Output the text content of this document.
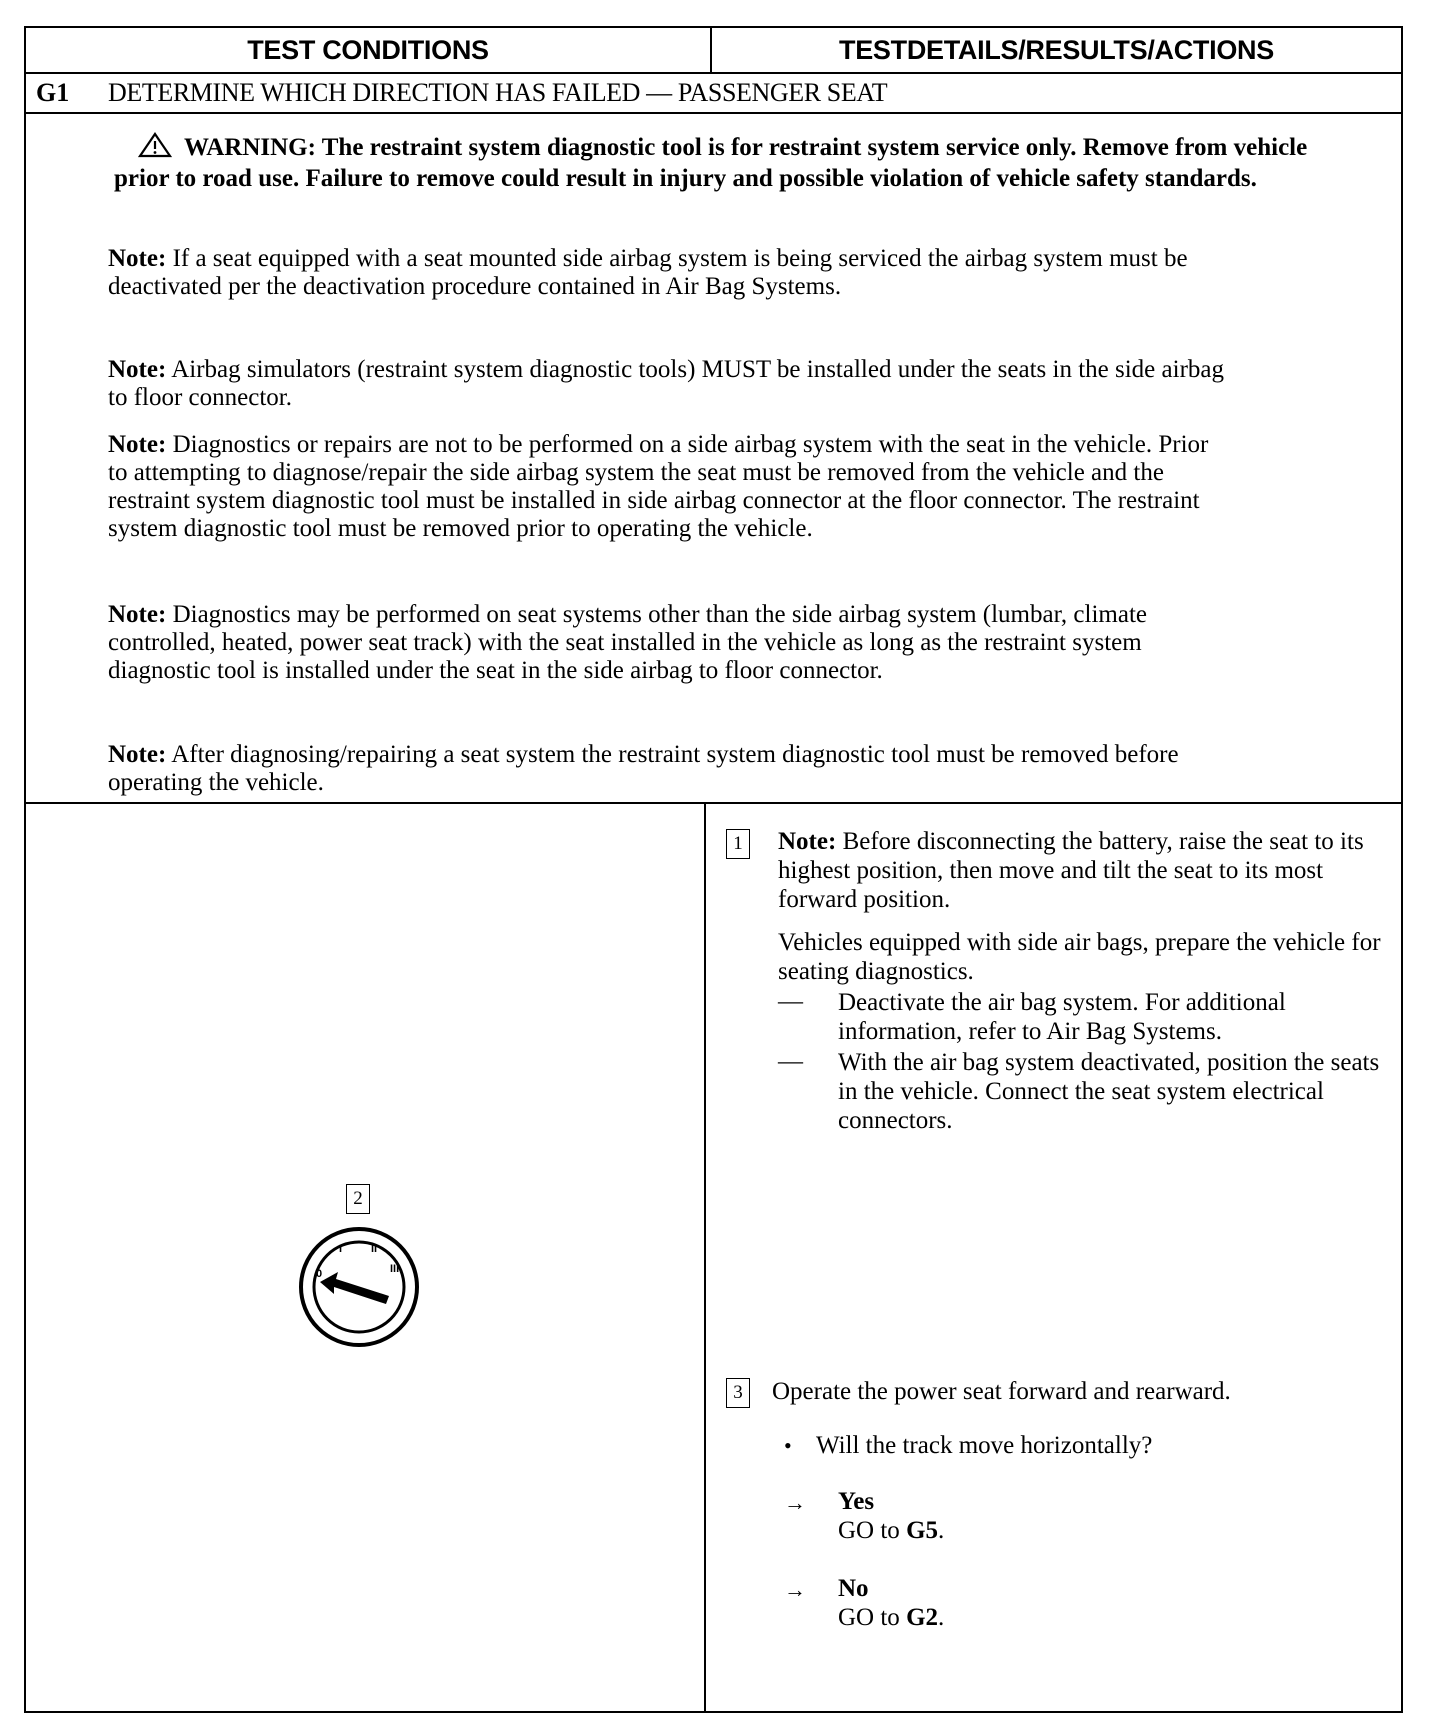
TEST CONDITIONS	TESTDETAILS/RESULTS/ACTIONS
G1 DETERMINE WHICH DIRECTION HAS FAILED — PASSENGER SEAT
WARNING: The restraint system diagnostic tool is for restraint system service only. Remove from vehicle prior to road use. Failure to remove could result in injury and possible violation of vehicle safety standards.
Note: If a seat equipped with a seat mounted side airbag system is being serviced the airbag system must be deactivated per the deactivation procedure contained in Air Bag Systems.
Note: Airbag simulators (restraint system diagnostic tools) MUST be installed under the seats in the side airbag to floor connector.
Note: Diagnostics or repairs are not to be performed on a side airbag system with the seat in the vehicle. Prior to attempting to diagnose/repair the side airbag system the seat must be removed from the vehicle and the restraint system diagnostic tool must be installed in side airbag connector at the floor connector. The restraint system diagnostic tool must be removed prior to operating the vehicle.
Note: Diagnostics may be performed on seat systems other than the side airbag system (lumbar, climate controlled, heated, power seat track) with the seat installed in the vehicle as long as the restraint system diagnostic tool is installed under the seat in the side airbag to floor connector.
Note: After diagnosing/repairing a seat system the restraint system diagnostic tool must be removed before operating the vehicle.
2
0
I	II
III
1 Note: Before disconnecting the battery, raise the seat to its highest position, then move and tilt the seat to its most forward position.
Vehicles equipped with side air bags, prepare the vehicle for seating diagnostics.
— Deactivate the air bag system. For additional information, refer to Air Bag Systems.
— With the air bag system deactivated, position the seats in the vehicle. Connect the seat system electrical connectors.
3 Operate the power seat forward and rearward.
• Will the track move horizontally?
→ Yes
GO to G5.
→ No
GO to G2.
